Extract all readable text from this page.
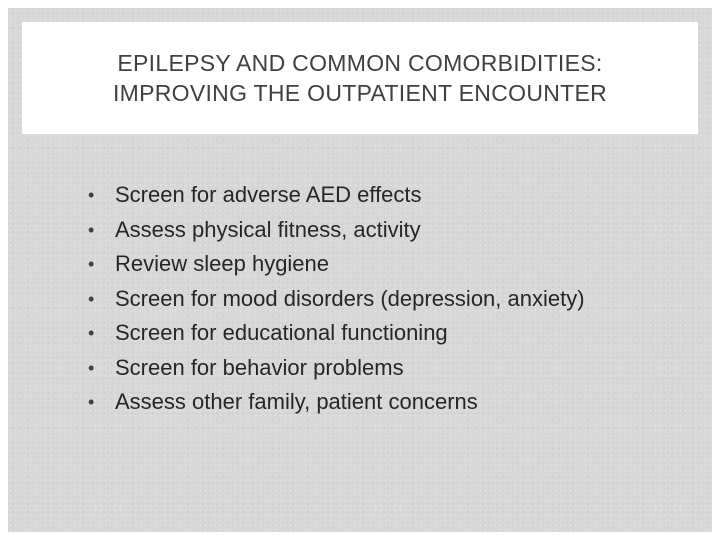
EPILEPSY AND COMMON COMORBIDITIES:
IMPROVING THE OUTPATIENT ENCOUNTER
• Screen for adverse AED effects
• Assess physical fitness, activity
• Review sleep hygiene
• Screen for mood disorders (depression, anxiety)
• Screen for educational functioning
• Screen for behavior problems
• Assess other family, patient concerns
